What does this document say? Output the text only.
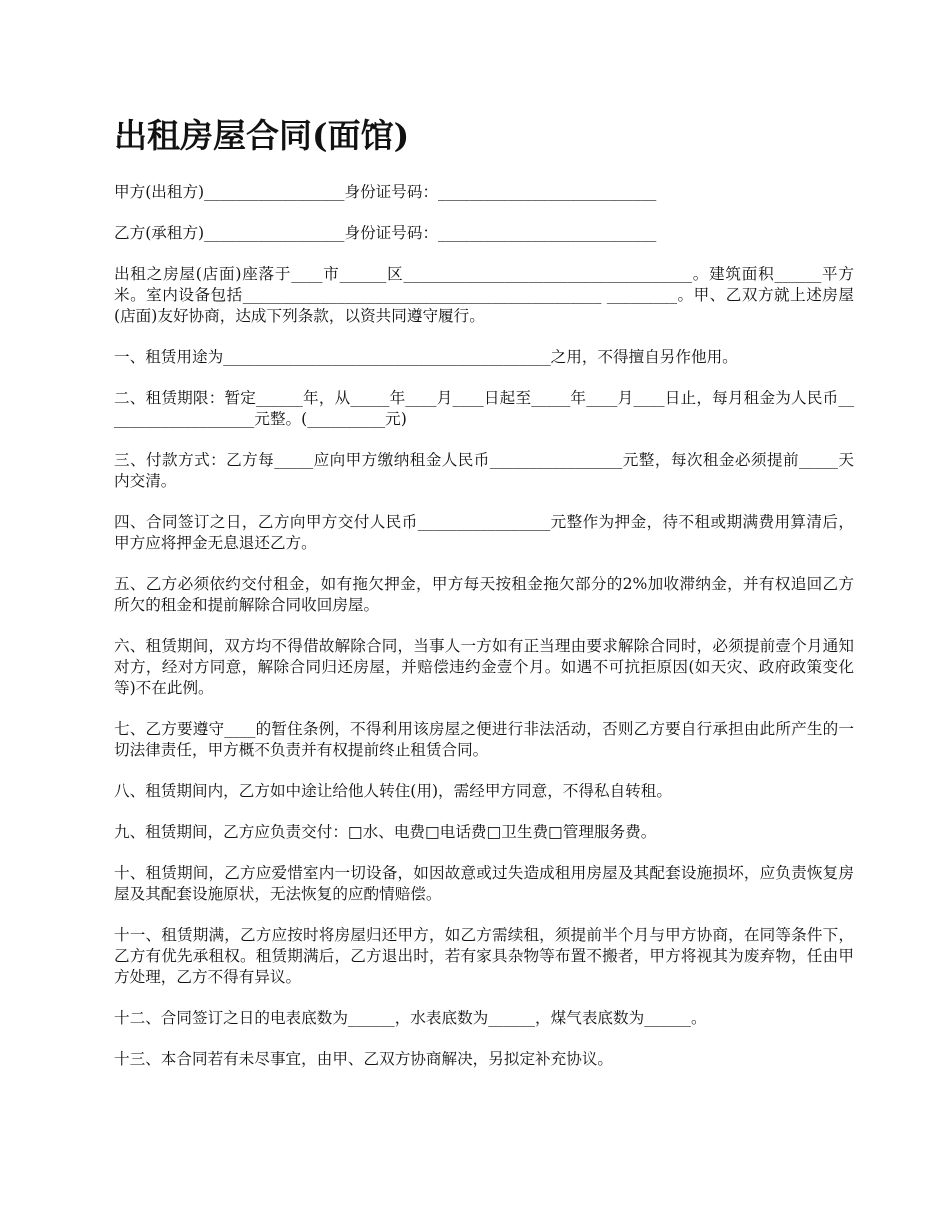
出租房屋合同(面馆)

甲方(出租方)__________________身份证号码：____________________________

乙方(承租方)__________________身份证号码：____________________________

出租之房屋(店面)座落于____市______区_____________________________________。建筑面积______平方米。室内设备包括______________________________________________ _________。甲、乙双方就上述房屋(店面)友好协商，达成下列条款，以资共同遵守履行。

一、租赁用途为__________________________________________之用，不得擅自另作他用。

二、租赁期限：暂定______年，从_____年____月____日起至_____年____月____日止，每月租金为人民币____________________元整。(__________元)

三、付款方式：乙方每_____应向甲方缴纳租金人民币_________________元整，每次租金必须提前_____天内交清。

四、合同签订之日，乙方向甲方交付人民币_________________元整作为押金，待不租或期满费用算清后，甲方应将押金无息退还乙方。

五、乙方必须依约交付租金，如有拖欠押金，甲方每天按租金拖欠部分的2%加收滞纳金，并有权追回乙方所欠的租金和提前解除合同收回房屋。

六、租赁期间，双方均不得借故解除合同，当事人一方如有正当理由要求解除合同时，必须提前壹个月通知对方，经对方同意，解除合同归还房屋，并赔偿违约金壹个月。如遇不可抗拒原因(如天灾、政府政策变化等)不在此例。

七、乙方要遵守____的暂住条例，不得利用该房屋之便进行非法活动，否则乙方要自行承担由此所产生的一切法律责任，甲方概不负责并有权提前终止租赁合同。

八、租赁期间内，乙方如中途让给他人转住(用)，需经甲方同意，不得私自转租。

九、租赁期间，乙方应负责交付：□水、电费□电话费□卫生费□管理服务费。

十、租赁期间，乙方应爱惜室内一切设备，如因故意或过失造成租用房屋及其配套设施损坏，应负责恢复房屋及其配套设施原状，无法恢复的应酌情赔偿。

十一、租赁期满，乙方应按时将房屋归还甲方，如乙方需续租，须提前半个月与甲方协商，在同等条件下，乙方有优先承租权。租赁期满后，乙方退出时，若有家具杂物等布置不搬者，甲方将视其为废弃物，任由甲方处理，乙方不得有异议。

十二、合同签订之日的电表底数为______，水表底数为______，煤气表底数为______。

十三、本合同若有未尽事宜，由甲、乙双方协商解决，另拟定补充协议。
